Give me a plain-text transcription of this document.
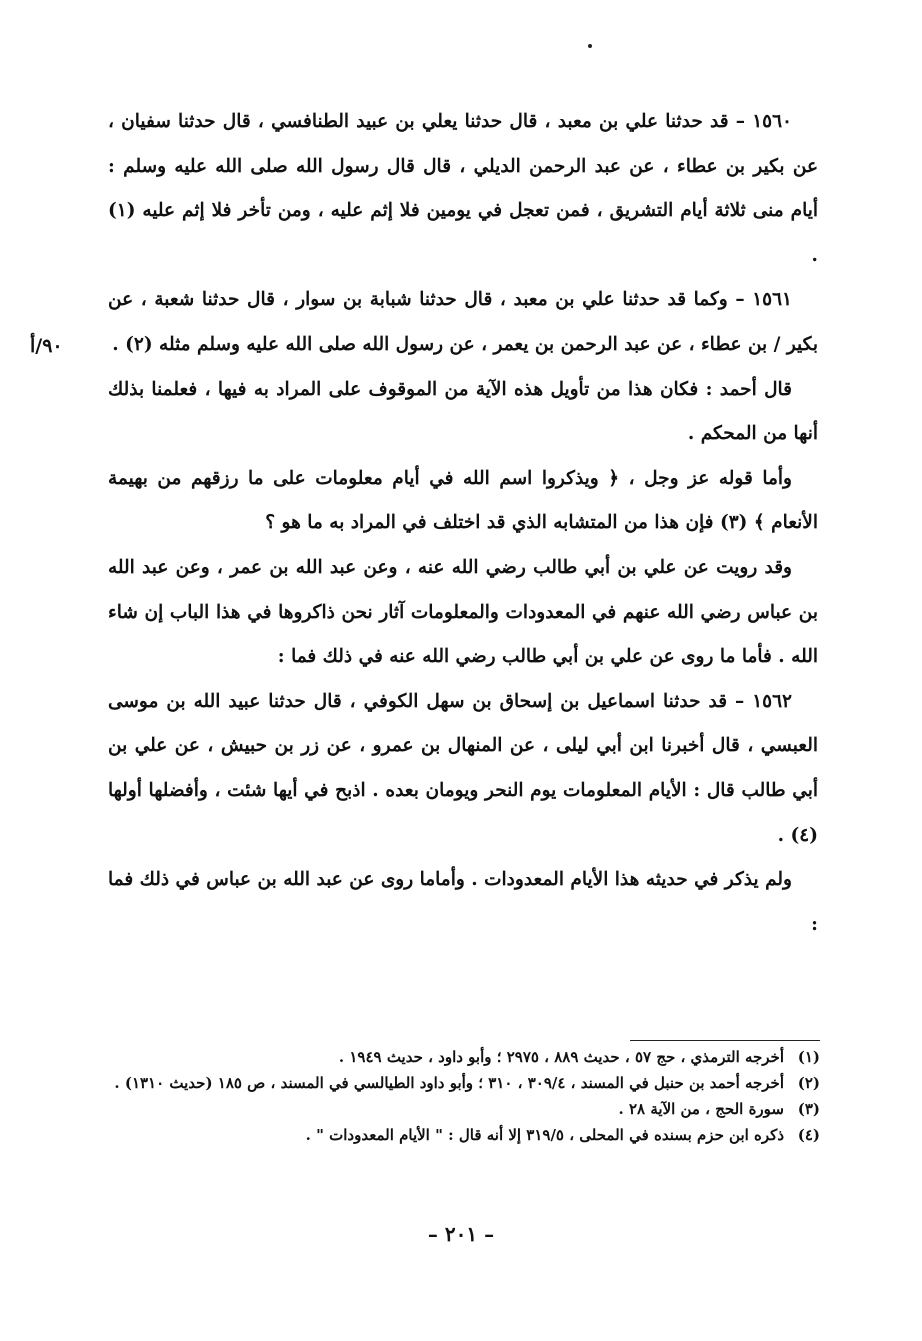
١٥٦٠ – قد حدثنا علي بن معبد ، قال حدثنا يعلي بن عبيد الطنافسي ، قال حدثنا سفيان ، عن بكير بن عطاء ، عن عبد الرحمن الديلي ، قال قال رسول الله صلى الله عليه وسلم : أيام منى ثلاثة أيام التشريق ، فمن تعجل في يومين فلا إثم عليه ، ومن تأخر فلا إثم عليه (١) .

١٥٦١ – وكما قد حدثنا علي بن معبد ، قال حدثنا شبابة بن سوار ، قال حدثنا شعبة ، عن بكير / بن عطاء ، عن عبد الرحمن بن يعمر ، عن رسول الله صلى الله عليه وسلم مثله (٢) .

قال أحمد : فكان هذا من تأويل هذه الآية من الموقوف على المراد به فيها ، فعلمنا بذلك أنها من المحكم .

وأما قوله عز وجل ، ﴿ ويذكروا اسم الله في أيام معلومات على ما رزقهم من بهيمة الأنعام ﴾ (٣) فإن هذا من المتشابه الذي قد اختلف في المراد به ما هو ؟

وقد رويت عن علي بن أبي طالب رضي الله عنه ، وعن عبد الله بن عمر ، وعن عبد الله بن عباس رضي الله عنهم في المعدودات والمعلومات آثار نحن ذاكروها في هذا الباب إن شاء الله . فأما ما روى عن علي بن أبي طالب رضي الله عنه في ذلك فما :

١٥٦٢ – قد حدثنا اسماعيل بن إسحاق بن سهل الكوفي ، قال حدثنا عبيد الله بن موسى العبسي ، قال أخبرنا ابن أبي ليلى ، عن المنهال بن عمرو ، عن زر بن حبيش ، عن علي بن أبي طالب قال : الأيام المعلومات يوم النحر ويومان بعده . اذبح في أيها شئت ، وأفضلها أولها (٤) .

ولم يذكر في حديثه هذا الأيام المعدودات . وأماما روى عن عبد الله بن عباس في ذلك فما :

٩٠/أ
(١)
أخرجه الترمذي ، حج ٥٧ ، حديث ٨٨٩ ، ٢٩٧٥ ؛ وأبو داود ، حديث ١٩٤٩ .
(٢)
أخرجه أحمد بن حنبل في المسند ، ٣٠٩/٤ ، ٣١٠ ؛ وأبو داود الطيالسي في المسند ، ص ١٨٥ (حديث ١٣١٠) .
(٣)
سورة الحج ، من الآية ٢٨ .
(٤)
ذكره ابن حزم بسنده في المحلى ، ٣١٩/٥ إلا أنه قال : " الأيام المعدودات " .
– ٢٠١ –
